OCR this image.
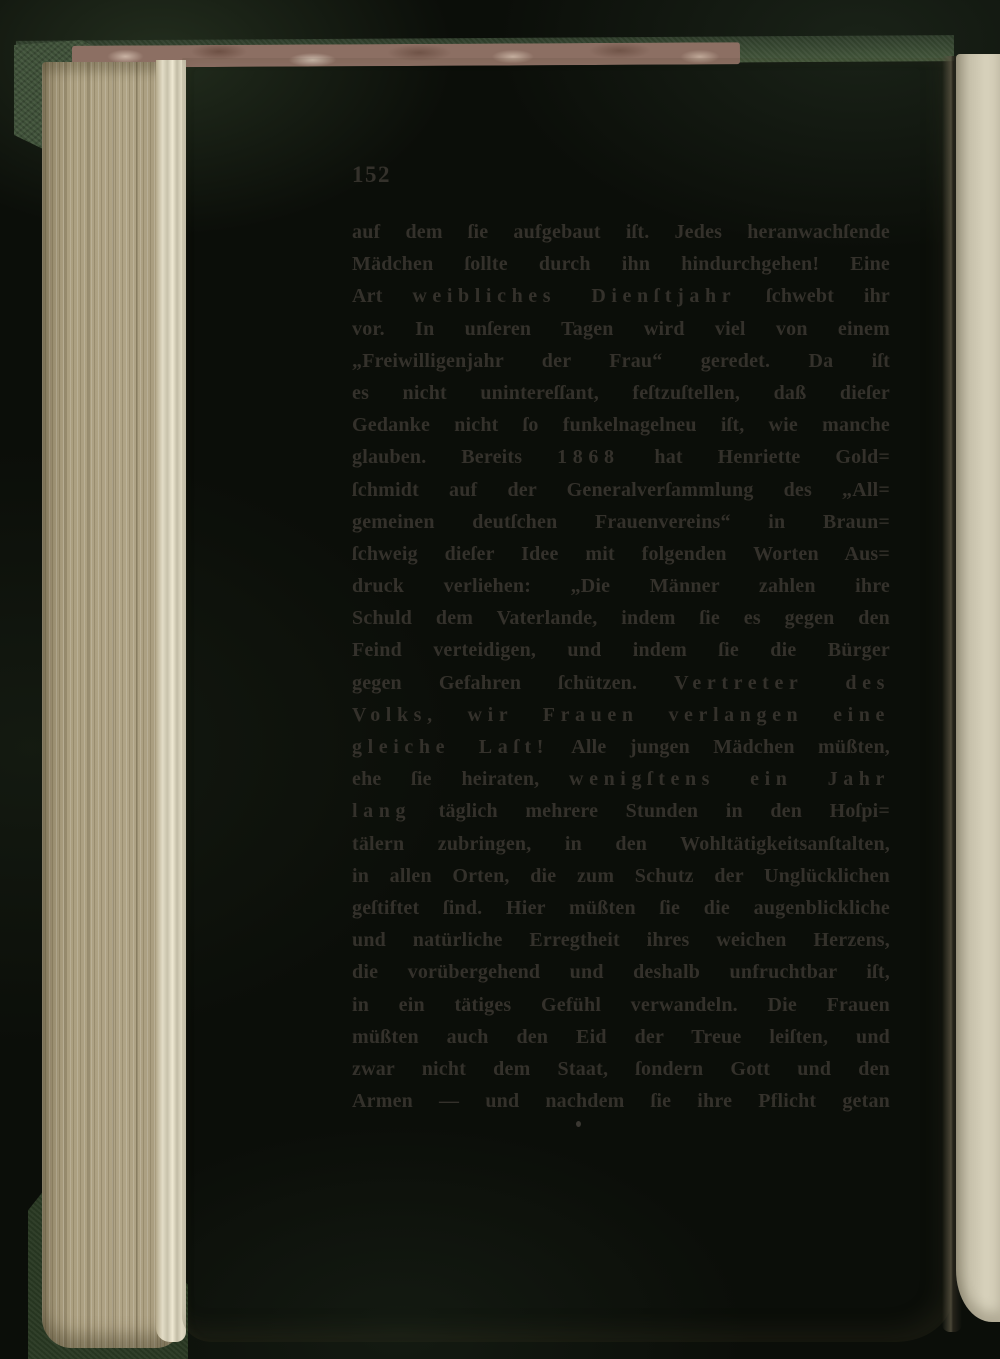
152
auf dem ſie aufgebaut iſt. Jedes heranwachſende
Mädchen ſollte durch ihn hindurchgehen! Eine
Art weibliches Dienſtjahr ſchwebt ihr
vor. In unſeren Tagen wird viel von einem
„Freiwilligenjahr der Frau“ geredet. Da iſt
es nicht unintereſſant, feſtzuſtellen, daß dieſer
Gedanke nicht ſo funkelnagelneu iſt, wie manche
glauben. Bereits 1868 hat Henriette Gold=
ſchmidt auf der Generalverſammlung des „All=
gemeinen deutſchen Frauenvereins“ in Braun=
ſchweig dieſer Idee mit folgenden Worten Aus=
druck verliehen: „Die Männer zahlen ihre
Schuld dem Vaterlande, indem ſie es gegen den
Feind verteidigen, und indem ſie die Bürger
gegen Gefahren ſchützen. Vertreter des
Volks, wir Frauen verlangen eine
gleiche Laſt! Alle jungen Mädchen müßten,
ehe ſie heiraten, wenigſtens ein Jahr
lang täglich mehrere Stunden in den Hoſpi=
tälern zubringen, in den Wohltätigkeitsanſtalten,
in allen Orten, die zum Schutz der Unglücklichen
geſtiftet ſind. Hier müßten ſie die augenblickliche
und natürliche Erregtheit ihres weichen Herzens,
die vorübergehend und deshalb unfruchtbar iſt,
in ein tätiges Gefühl verwandeln. Die Frauen
müßten auch den Eid der Treue leiſten, und
zwar nicht dem Staat, ſondern Gott und den
Armen — und nachdem ſie ihre Pflicht getan
